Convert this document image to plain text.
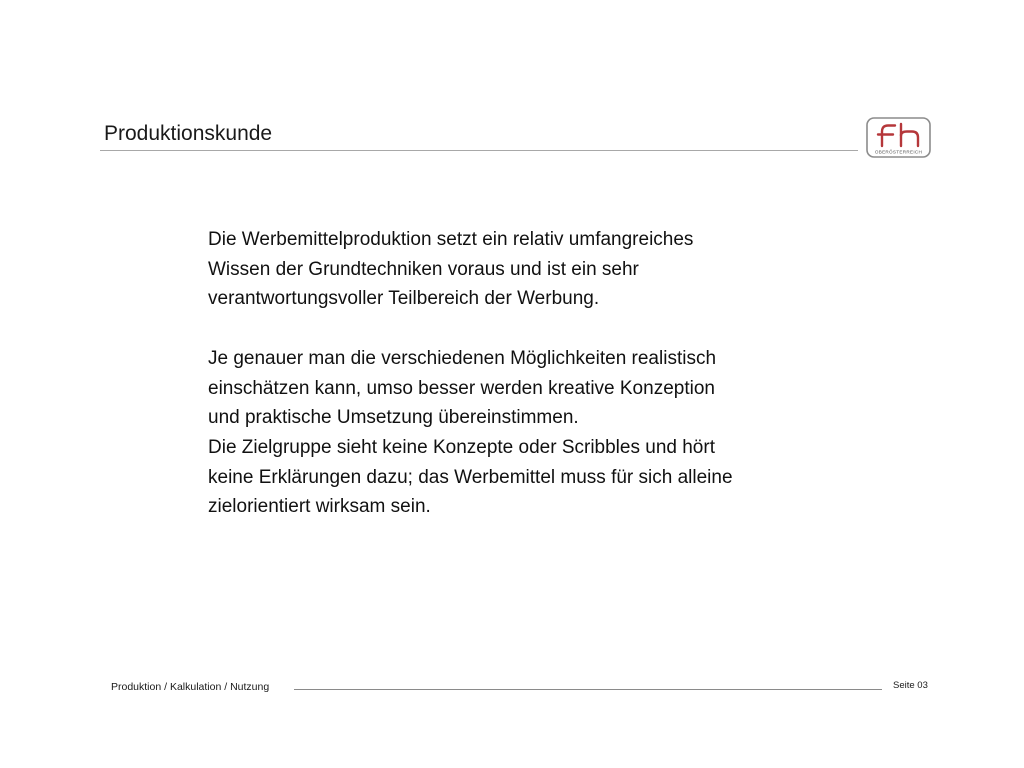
Produktionskunde
OBERÖSTERREICH

Die Werbemittelproduktion setzt ein relativ umfangreiches
Wissen der Grundtechniken voraus und ist ein sehr
verantwortungsvoller Teilbereich der Werbung.

Je genauer man die verschiedenen Möglichkeiten realistisch
einschätzen kann, umso besser werden kreative Konzeption
und praktische Umsetzung übereinstimmen.
Die Zielgruppe sieht keine Konzepte oder Scribbles und hört
keine Erklärungen dazu; das Werbemittel muss für sich alleine
zielorientiert wirksam sein.

Produktion / Kalkulation / Nutzung	Seite 03
